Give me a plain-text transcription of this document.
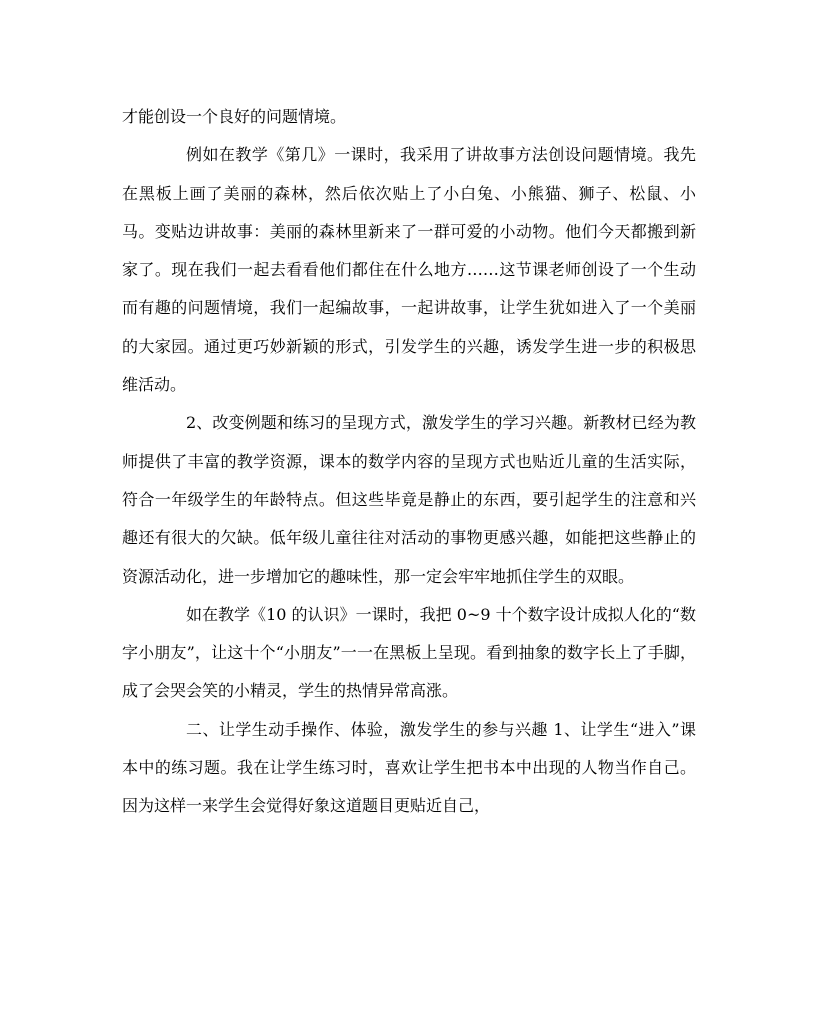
才能创设一个良好的问题情境。

例如在教学《第几》一课时，我采用了讲故事方法创设问题情境。我先在黑板上画了美丽的森林，然后依次贴上了小白兔、小熊猫、狮子、松鼠、小马。变贴边讲故事：美丽的森林里新来了一群可爱的小动物。他们今天都搬到新家了。现在我们一起去看看他们都住在什么地方……这节课老师创设了一个生动而有趣的问题情境，我们一起编故事，一起讲故事，让学生犹如进入了一个美丽的大家园。通过更巧妙新颖的形式，引发学生的兴趣，诱发学生进一步的积极思维活动。

2、改变例题和练习的呈现方式，激发学生的学习兴趣。新教材已经为教师提供了丰富的教学资源，课本的数学内容的呈现方式也贴近儿童的生活实际，符合一年级学生的年龄特点。但这些毕竟是静止的东西，要引起学生的注意和兴趣还有很大的欠缺。低年级儿童往往对活动的事物更感兴趣，如能把这些静止的资源活动化，进一步增加它的趣味性，那一定会牢牢地抓住学生的双眼。

如在教学《10 的认识》一课时，我把 0~9 十个数字设计成拟人化的“数字小朋友”，让这十个“小朋友”一一在黑板上呈现。看到抽象的数字长上了手脚，成了会哭会笑的小精灵，学生的热情异常高涨。

二、让学生动手操作、体验，激发学生的参与兴趣 1、让学生“进入”课本中的练习题。我在让学生练习时，喜欢让学生把书本中出现的人物当作自己。因为这样一来学生会觉得好象这道题目更贴近自己，
